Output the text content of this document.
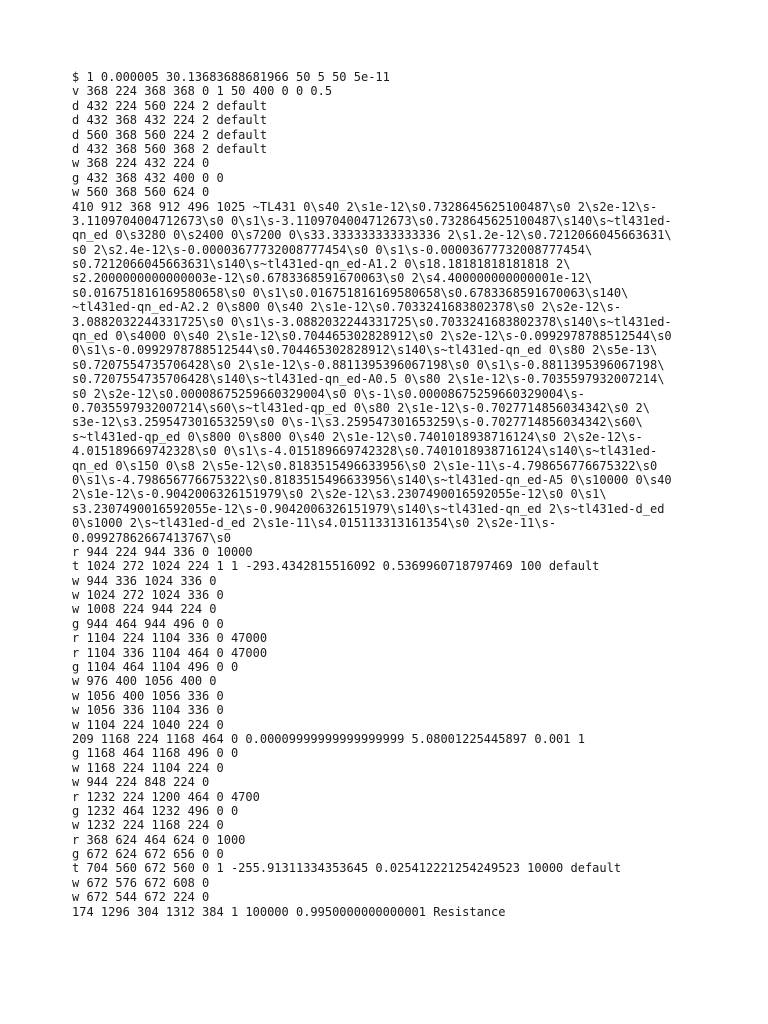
$ 1 0.000005 30.13683688681966 50 5 50 5e-11
v 368 224 368 368 0 1 50 400 0 0 0.5
d 432 224 560 224 2 default
d 432 368 432 224 2 default
d 560 368 560 224 2 default
d 432 368 560 368 2 default
w 368 224 432 224 0
g 432 368 432 400 0 0
w 560 368 560 624 0
410 912 368 912 496 1025 ~TL431 0\s40 2\s1e-12\s0.7328645625100487\s0 2\s2e-12\s-
3.1109704004712673\s0 0\s1\s-3.1109704004712673\s0.7328645625100487\s140\s~tl431ed-
qn_ed 0\s3280 0\s2400 0\s7200 0\s33.333333333333336 2\s1.2e-12\s0.7212066045663631\
s0 2\s2.4e-12\s-0.00003677732008777454\s0 0\s1\s-0.00003677732008777454\
s0.7212066045663631\s140\s~tl431ed-qn_ed-A1.2 0\s18.18181818181818 2\
s2.2000000000000003e-12\s0.6783368591670063\s0 2\s4.400000000000001e-12\
s0.016751816169580658\s0 0\s1\s0.016751816169580658\s0.6783368591670063\s140\
~tl431ed-qn_ed-A2.2 0\s800 0\s40 2\s1e-12\s0.7033241683802378\s0 2\s2e-12\s-
3.0882032244331725\s0 0\s1\s-3.0882032244331725\s0.7033241683802378\s140\s~tl431ed-
qn_ed 0\s4000 0\s40 2\s1e-12\s0.704465302828912\s0 2\s2e-12\s-0.0992978788512544\s0
0\s1\s-0.0992978788512544\s0.704465302828912\s140\s~tl431ed-qn_ed 0\s80 2\s5e-13\
s0.7207554735706428\s0 2\s1e-12\s-0.8811395396067198\s0 0\s1\s-0.8811395396067198\
s0.7207554735706428\s140\s~tl431ed-qn_ed-A0.5 0\s80 2\s1e-12\s-0.7035597932007214\
s0 2\s2e-12\s0.00008675259660329004\s0 0\s-1\s0.00008675259660329004\s-
0.7035597932007214\s60\s~tl431ed-qp_ed 0\s80 2\s1e-12\s-0.7027714856034342\s0 2\
s3e-12\s3.259547301653259\s0 0\s-1\s3.259547301653259\s-0.7027714856034342\s60\
s~tl431ed-qp_ed 0\s800 0\s800 0\s40 2\s1e-12\s0.7401018938716124\s0 2\s2e-12\s-
4.015189669742328\s0 0\s1\s-4.015189669742328\s0.7401018938716124\s140\s~tl431ed-
qn_ed 0\s150 0\s8 2\s5e-12\s0.8183515496633956\s0 2\s1e-11\s-4.798656776675322\s0
0\s1\s-4.798656776675322\s0.8183515496633956\s140\s~tl431ed-qn_ed-A5 0\s10000 0\s40
2\s1e-12\s-0.9042006326151979\s0 2\s2e-12\s3.2307490016592055e-12\s0 0\s1\
s3.2307490016592055e-12\s-0.9042006326151979\s140\s~tl431ed-qn_ed 2\s~tl431ed-d_ed
0\s1000 2\s~tl431ed-d_ed 2\s1e-11\s4.015113313161354\s0 2\s2e-11\s-
0.09927862667413767\s0
r 944 224 944 336 0 10000
t 1024 272 1024 224 1 1 -293.4342815516092 0.5369960718797469 100 default
w 944 336 1024 336 0
w 1024 272 1024 336 0
w 1008 224 944 224 0
g 944 464 944 496 0 0
r 1104 224 1104 336 0 47000
r 1104 336 1104 464 0 47000
g 1104 464 1104 496 0 0
w 976 400 1056 400 0
w 1056 400 1056 336 0
w 1056 336 1104 336 0
w 1104 224 1040 224 0
209 1168 224 1168 464 0 0.00009999999999999999 5.08001225445897 0.001 1
g 1168 464 1168 496 0 0
w 1168 224 1104 224 0
w 944 224 848 224 0
r 1232 224 1200 464 0 4700
g 1232 464 1232 496 0 0
w 1232 224 1168 224 0
r 368 624 464 624 0 1000
g 672 624 672 656 0 0
t 704 560 672 560 0 1 -255.91311334353645 0.025412221254249523 10000 default
w 672 576 672 608 0
w 672 544 672 224 0
174 1296 304 1312 384 1 100000 0.9950000000000001 Resistance
